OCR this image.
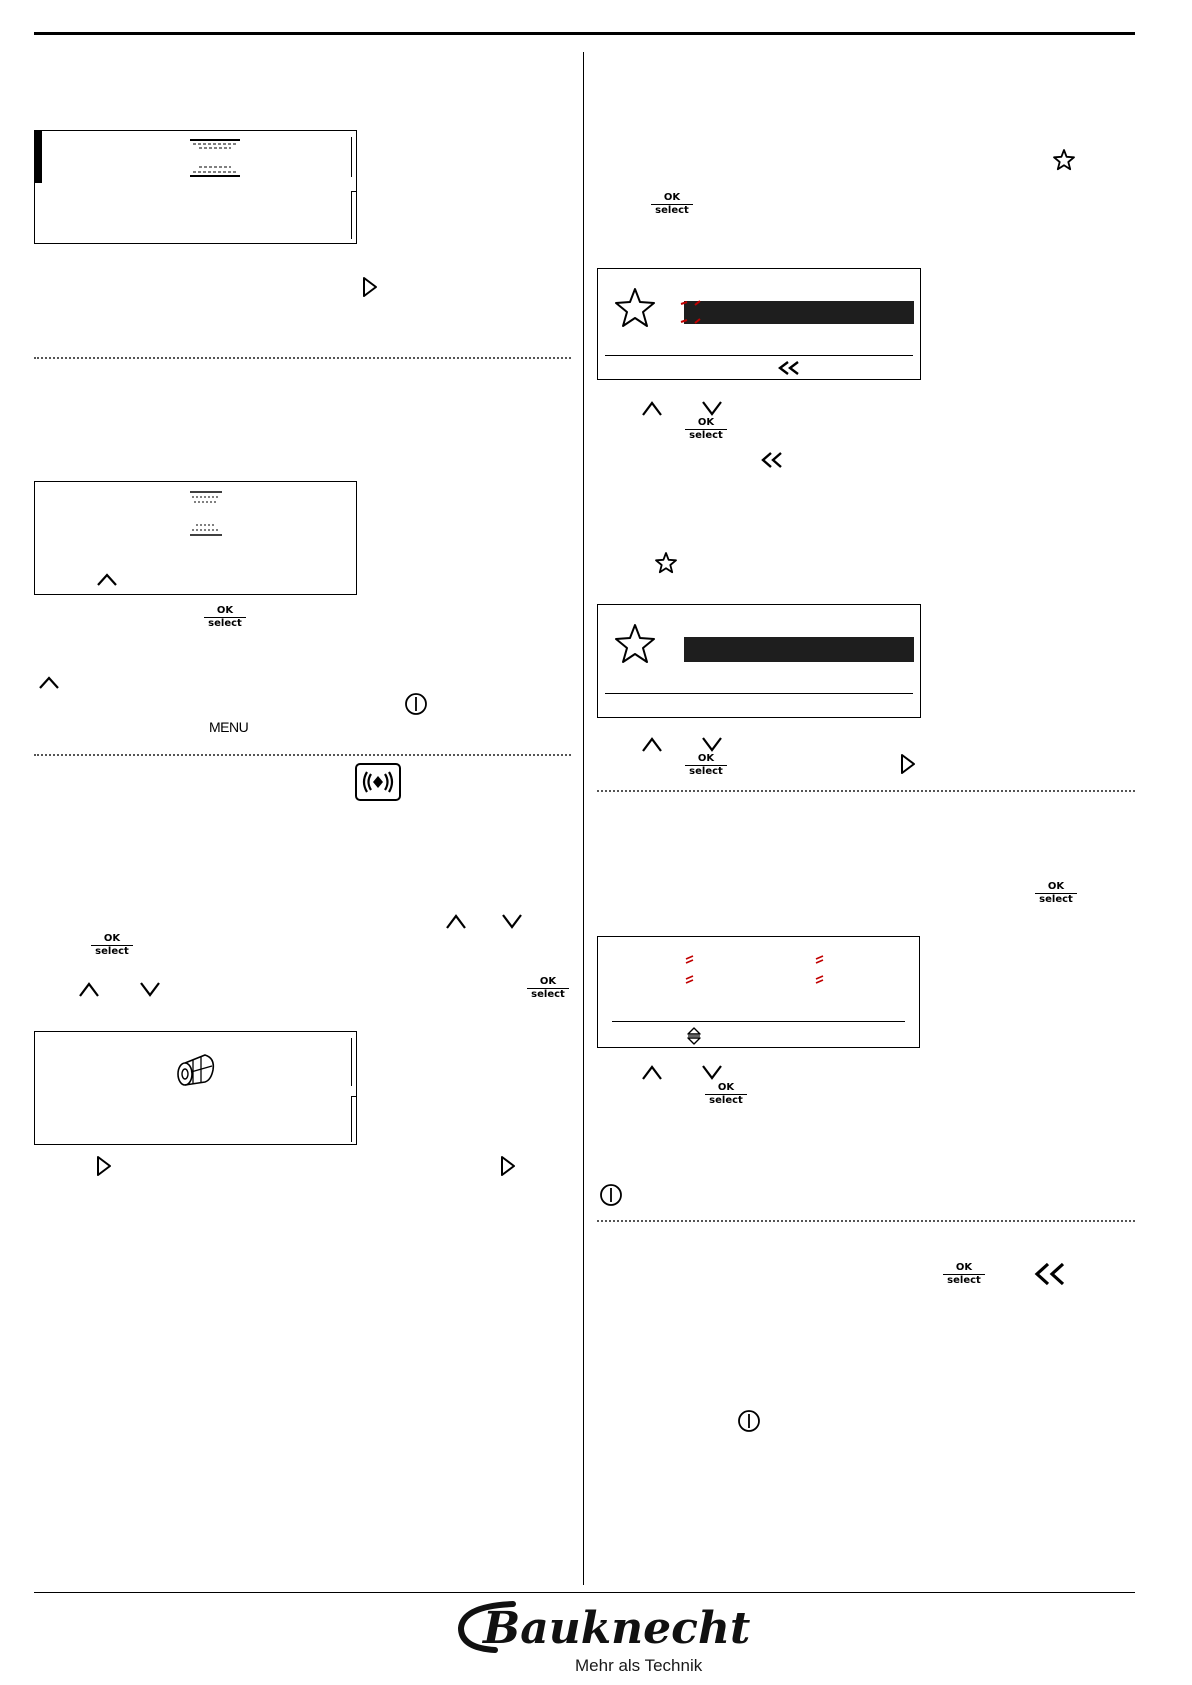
OK
select
MENU
OK
select
OK
select
OK
select
OK
select
OK
select
OK
select
OK
select
OK
select
Bauknecht
Mehr als Technik
